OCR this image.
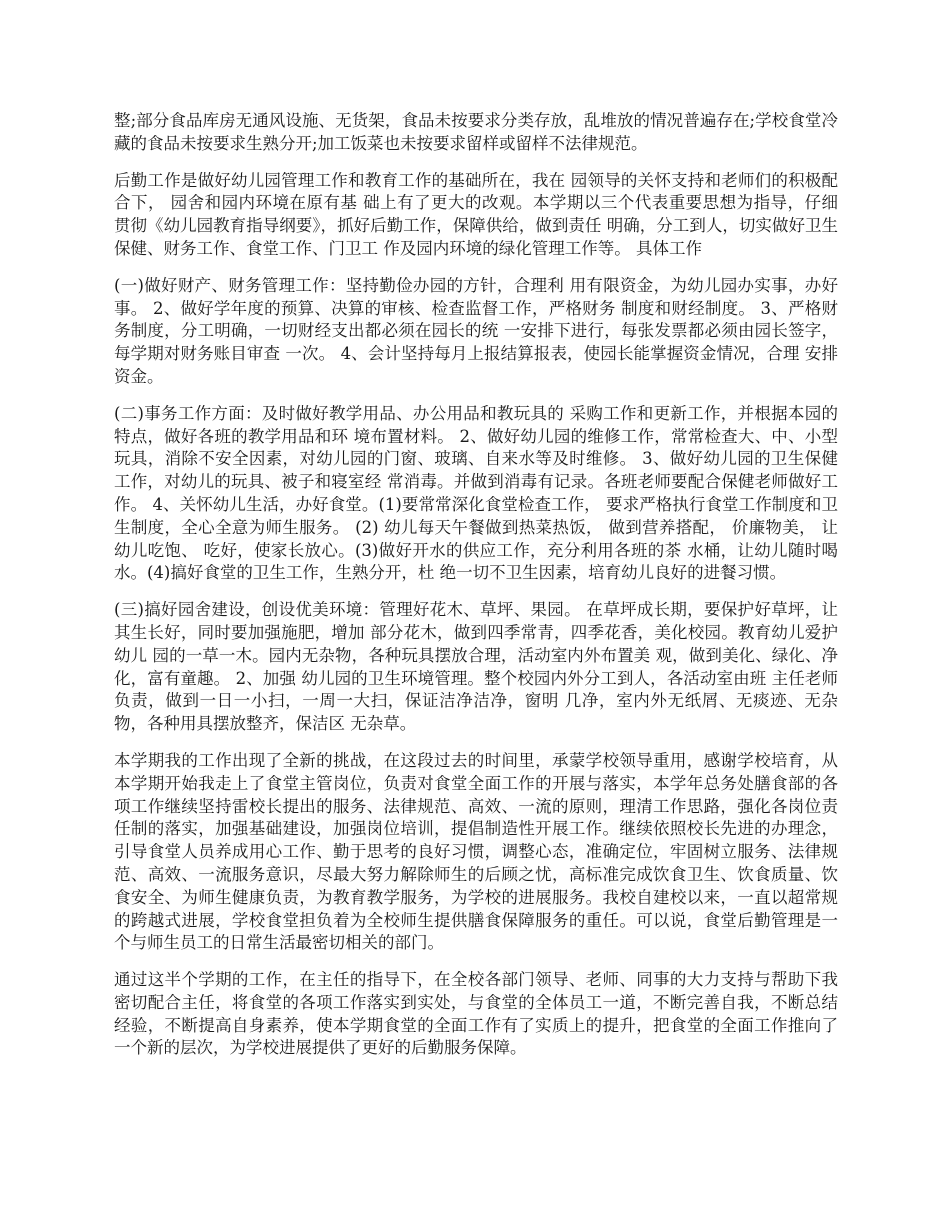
整;部分食品库房无通风设施、无货架，食品未按要求分类存放，乱堆放的情况普遍存在;学校食堂冷藏的食品未按要求生熟分开;加工饭菜也未按要求留样或留样不法律规范。

后勤工作是做好幼儿园管理工作和教育工作的基础所在，我在 园领导的关怀支持和老师们的积极配合下， 园舍和园内环境在原有基 础上有了更大的改观。本学期以三个代表重要思想为指导，仔细 贯彻《幼儿园教育指导纲要》，抓好后勤工作，保障供给，做到责任 明确，分工到人，切实做好卫生保健、财务工作、食堂工作、门卫工 作及园内环境的绿化管理工作等。 具体工作

(一)做好财产、财务管理工作：坚持勤俭办园的方针，合理利 用有限资金，为幼儿园办实事，办好事。 2、做好学年度的预算、决算的审核、检查监督工作，严格财务 制度和财经制度。 3、严格财务制度，分工明确，一切财经支出都必须在园长的统 一安排下进行，每张发票都必须由园长签字，每学期对财务账目审查 一次。 4、会计坚持每月上报结算报表，使园长能掌握资金情况，合理 安排资金。

(二)事务工作方面：及时做好教学用品、办公用品和教玩具的 采购工作和更新工作，并根据本园的特点，做好各班的教学用品和环 境布置材料。 2、做好幼儿园的维修工作，常常检查大、中、小型玩具，消除不安全因素，对幼儿园的门窗、玻璃、自来水等及时维修。 3、做好幼儿园的卫生保健工作，对幼儿的玩具、被子和寝室经 常消毒。并做到消毒有记录。各班老师要配合保健老师做好工作。 4、关怀幼儿生活，办好食堂。(1)要常常深化食堂检查工作， 要求严格执行食堂工作制度和卫生制度，全心全意为师生服务。 (2) 幼儿每天午餐做到热菜热饭， 做到营养搭配， 价廉物美， 让幼儿吃饱、 吃好，使家长放心。(3)做好开水的供应工作，充分利用各班的茶 水桶，让幼儿随时喝水。(4)搞好食堂的卫生工作，生熟分开，杜 绝一切不卫生因素，培育幼儿良好的进餐习惯。

(三)搞好园舍建设，创设优美环境：管理好花木、草坪、果园。 在草坪成长期，要保护好草坪，让其生长好，同时要加强施肥，增加 部分花木，做到四季常青，四季花香，美化校园。教育幼儿爱护幼儿 园的一草一木。园内无杂物，各种玩具摆放合理，活动室内外布置美 观，做到美化、绿化、净化，富有童趣。 2、加强 幼儿园的卫生环境管理。整个校园内外分工到人，各活动室由班 主任老师负责，做到一日一小扫，一周一大扫，保证洁净洁净，窗明 几净，室内外无纸屑、无痰迹、无杂物，各种用具摆放整齐，保洁区 无杂草。

本学期我的工作出现了全新的挑战，在这段过去的时间里，承蒙学校领导重用，感谢学校培育，从本学期开始我走上了食堂主管岗位，负责对食堂全面工作的开展与落实，本学年总务处膳食部的各项工作继续坚持雷校长提出的服务、法律规范、高效、一流的原则，理清工作思路，强化各岗位责任制的落实，加强基础建设，加强岗位培训，提倡制造性开展工作。继续依照校长先进的办理念，引导食堂人员养成用心工作、勤于思考的良好习惯，调整心态，准确定位，牢固树立服务、法律规范、高效、一流服务意识，尽最大努力解除师生的后顾之忧，高标准完成饮食卫生、饮食质量、饮食安全、为师生健康负责，为教育教学服务，为学校的进展服务。我校自建校以来，一直以超常规的跨越式进展，学校食堂担负着为全校师生提供膳食保障服务的重任。可以说，食堂后勤管理是一个与师生员工的日常生活最密切相关的部门。

通过这半个学期的工作，在主任的指导下，在全校各部门领导、老师、同事的大力支持与帮助下我密切配合主任，将食堂的各项工作落实到实处，与食堂的全体员工一道，不断完善自我，不断总结经验，不断提高自身素养，使本学期食堂的全面工作有了实质上的提升，把食堂的全面工作推向了一个新的层次，为学校进展提供了更好的后勤服务保障。
